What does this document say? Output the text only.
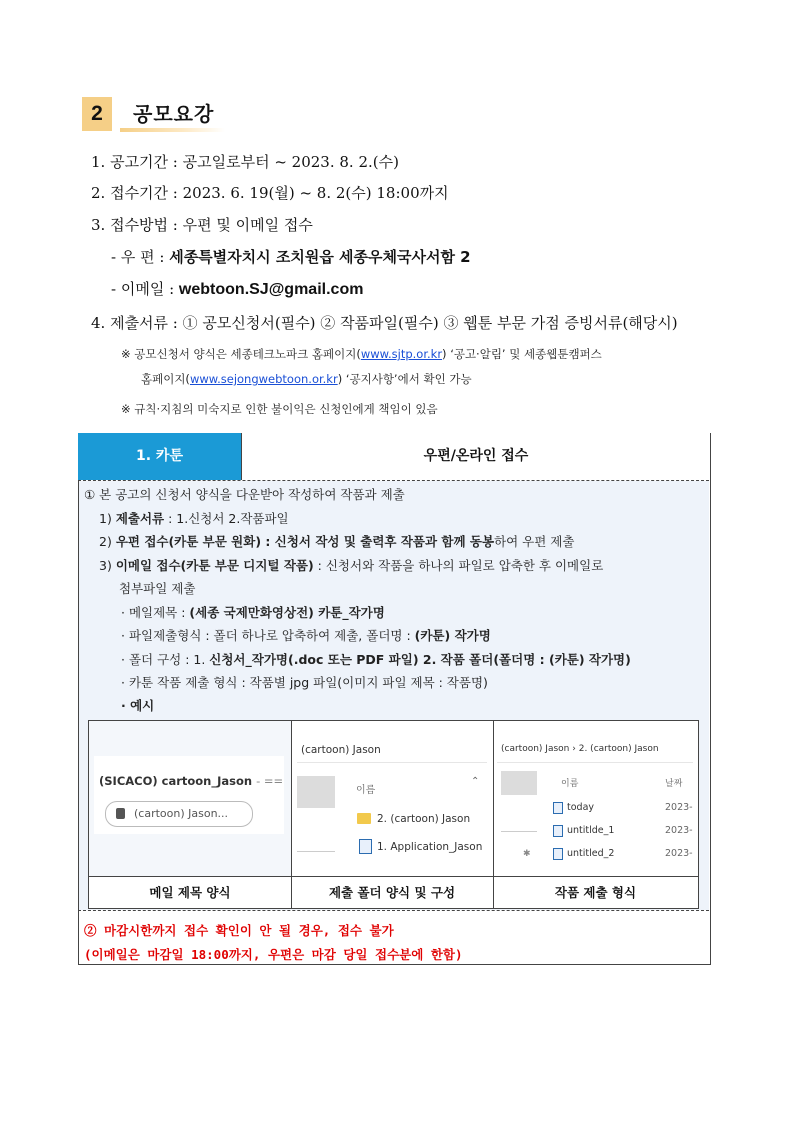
2	공모요강
1. 공고기간 : 공고일로부터 ~ 2023. 8. 2.(수)
2. 접수기간 : 2023. 6. 19(월) ~ 8. 2(수) 18:00까지
3. 접수방법 : 우편 및 이메일 접수
- 우 편 : 세종특별자치시 조치원읍 세종우체국사서함 2
- 이메일 : webtoon.SJ@gmail.com
4. 제출서류 : ① 공모신청서(필수) ② 작품파일(필수) ③ 웹툰 부문 가점 증빙서류(해당시)
※ 공모신청서 양식은 세종테크노파크 홈페이지(www.sjtp.or.kr) ‘공고·알림’ 및 세종웹툰캠퍼스
홈페이지(www.sejongwebtoon.or.kr) ‘공지사항’에서 확인 가능
※ 규칙·지침의 미숙지로 인한 불이익은 신청인에게 책임이 있음
1. 카툰	우편/온라인 접수
① 본 공고의 신청서 양식을 다운받아 작성하여 작품과 제출
1) 제출서류 : 1.신청서 2.작품파일
2) 우편 접수(카툰 부문 원화) : 신청서 작성 및 출력후 작품과 함께 동봉하여 우편 제출
3) 이메일 접수(카툰 부문 디지털 작품) : 신청서와 작품을 하나의 파일로 압축한 후 이메일로
첨부파일 제출
· 메일제목 : (세종 국제만화영상전) 카툰_작가명
· 파일제출형식 : 폴더 하나로 압축하여 제출, 폴더명 : (카툰) 작가명
· 폴더 구성 : 1. 신청서_작가명(.doc 또는 PDF 파일) 2. 작품 폴더(폴더명 : (카툰) 작가명)
· 카툰 작품 제출 형식 : 작품별 jpg 파일(이미지 파일 제목 : 작품명)
· 예시
(SICACO) cartoon_Jason - ==
(cartoon) Jason...
(cartoon) Jason
이름
⌃
2. (cartoon) Jason
1. Application_Jason
(cartoon) Jason › 2. (cartoon) Jason
이름	날짜
today	2023-
untitlde_1	2023-
untitled_2	2023-
✱
메일 제목 양식	제출 폴더 양식 및 구성	작품 제출 형식
② 마감시한까지 접수 확인이 안 될 경우, 접수 불가
(이메일은 마감일 18:00까지, 우편은 마감 당일 접수분에 한함)
